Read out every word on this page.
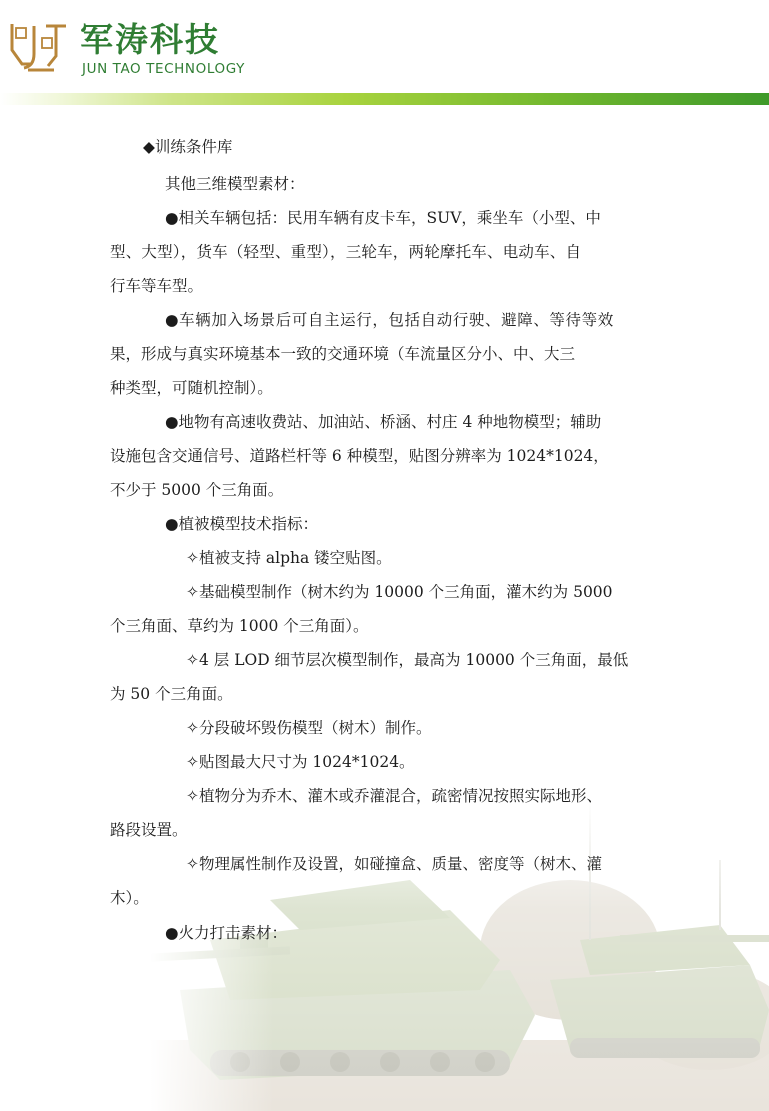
军涛科技
JUN TAO TECHNOLOGY
◆训练条件库
其他三维模型素材：
●相关车辆包括：民用车辆有皮卡车，SUV，乘坐车（小型、中
型、大型），货车（轻型、重型），三轮车，两轮摩托车、电动车、自
行车等车型。
●车辆加入场景后可自主运行，包括自动行驶、避障、等待等效
果，形成与真实环境基本一致的交通环境（车流量区分小、中、大三
种类型，可随机控制）。
●地物有高速收费站、加油站、桥涵、村庄 4 种地物模型；辅助
设施包含交通信号、道路栏杆等 6 种模型，贴图分辨率为 1024*1024，
不少于 5000 个三角面。
●植被模型技术指标：
✧植被支持 alpha 镂空贴图。
✧基础模型制作（树木约为 10000 个三角面，灌木约为 5000
个三角面、草约为 1000 个三角面）。
✧4 层 LOD 细节层次模型制作，最高为 10000 个三角面，最低
为 50 个三角面。
✧分段破坏毁伤模型（树木）制作。
✧贴图最大尺寸为 1024*1024。
✧植物分为乔木、灌木或乔灌混合，疏密情况按照实际地形、
路段设置。
✧物理属性制作及设置，如碰撞盒、质量、密度等（树木、灌
木）。
●火力打击素材：
